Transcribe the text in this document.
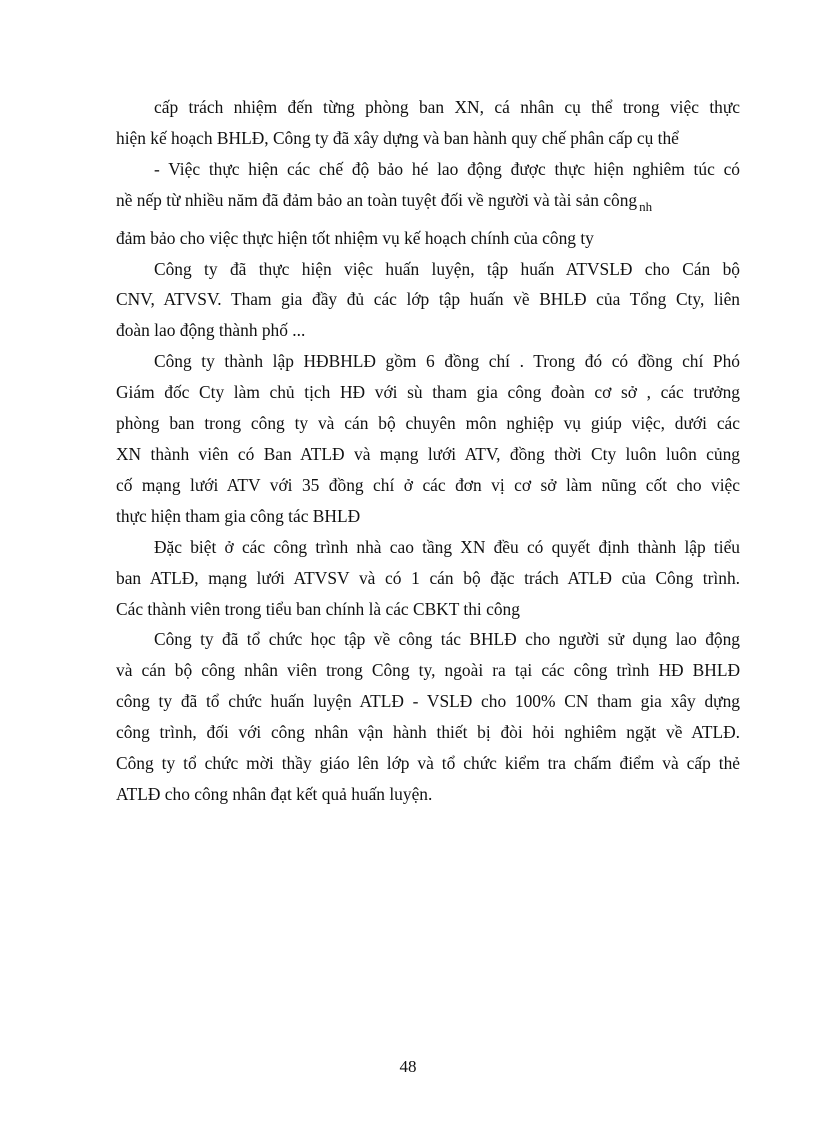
cấp trách nhiệm đến từng phòng ban XN, cá nhân cụ thể trong việc thực
hiện kế hoạch BHLĐ, Công ty đã xây dựng và ban hành quy chế phân cấp cụ thể

- Việc thực hiện các chế độ bảo hé lao động được thực hiện nghiêm túc có
nề nếp từ nhiều năm đã đảm bảo an toàn tuyệt đối về người và tài sản công $_{nh}$
đảm bảo cho việc thực hiện tốt nhiệm vụ kế hoạch chính của công ty

Công ty đã thực hiện việc huấn luyện, tập huấn ATVSLĐ cho Cán bộ
CNV, ATVSV. Tham gia đầy đủ các lớp tập huấn về BHLĐ của Tổng Cty, liên
đoàn lao động thành phố ...

Công ty thành lập HĐBHLĐ gồm 6 đồng chí . Trong đó có đồng chí Phó
Giám đốc Cty làm chủ tịch HĐ với sù tham gia công đoàn cơ sở , các trưởng
phòng ban trong công ty và cán bộ chuyên môn nghiệp vụ giúp việc, dưới các
XN thành viên có Ban ATLĐ và mạng lưới ATV, đồng thời Cty luôn luôn củng
cố mạng lưới ATV với 35 đồng chí ở các đơn vị cơ sở làm nũng cốt cho việc
thực hiện tham gia công tác BHLĐ

Đặc biệt ở các công trình nhà cao tầng XN đều có quyết định thành lập tiểu
ban ATLĐ, mạng lưới ATVSV và có 1 cán bộ đặc trách ATLĐ của Công trình.
Các thành viên trong tiểu ban chính là các CBKT thi công

Công ty đã tổ chức học tập về công tác BHLĐ cho người sử dụng lao động
và cán bộ công nhân viên trong Công ty, ngoài ra tại các công trình HĐ BHLĐ
công ty đã tổ chức huấn luyện ATLĐ - VSLĐ cho 100% CN tham gia xây dựng
công trình, đối với công nhân vận hành thiết bị đòi hỏi nghiêm ngặt về ATLĐ.
Công ty tổ chức mời thầy giáo lên lớp và tổ chức kiểm tra chấm điểm và cấp thẻ
ATLĐ cho công nhân đạt kết quả huấn luyện.

48
